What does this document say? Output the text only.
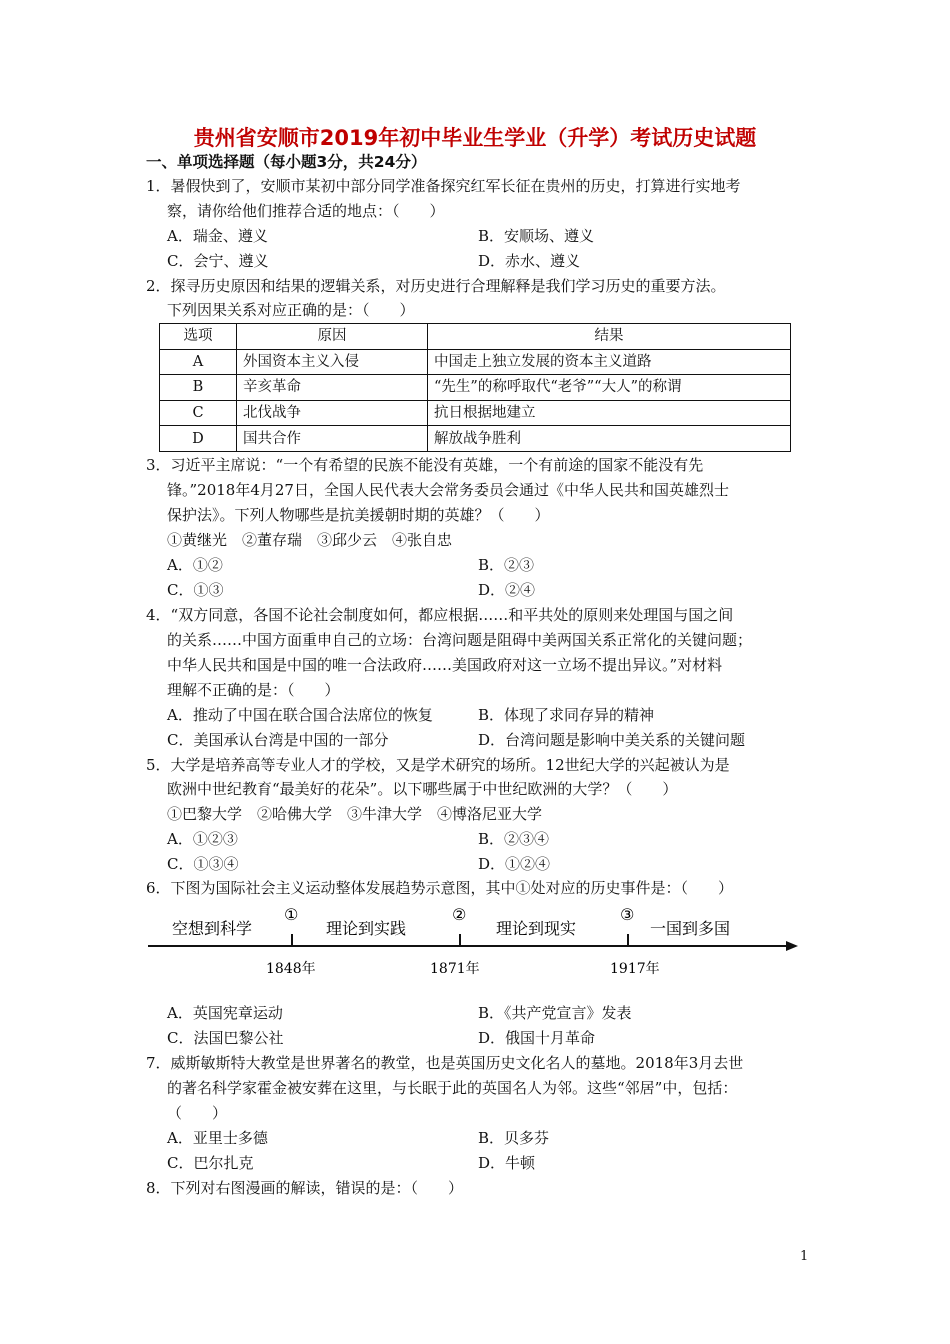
贵州省安顺市2019年初中毕业生学业（升学）考试历史试题
一、单项选择题（每小题3分，共24分）
1．暑假快到了，安顺市某初中部分同学准备探究红军长征在贵州的历史，打算进行实地考
察，请你给他们推荐合适的地点：（　　）
A．瑞金、遵义	B．安顺场、遵义
C．会宁、遵义	D．赤水、遵义
2．探寻历史原因和结果的逻辑关系，对历史进行合理解释是我们学习历史的重要方法。
下列因果关系对应正确的是：（　　）
选项	原因	结果
A	外国资本主义入侵	中国走上独立发展的资本主义道路
B	辛亥革命	“先生”的称呼取代“老爷”“大人”的称谓
C	北伐战争	抗日根据地建立
D	国共合作	解放战争胜利
3．习近平主席说：“一个有希望的民族不能没有英雄，一个有前途的国家不能没有先
锋。”2018年4月27日，全国人民代表大会常务委员会通过《中华人民共和国英雄烈士
保护法》。下列人物哪些是抗美援朝时期的英雄？（　　）
①黄继光　②董存瑞　③邱少云　④张自忠
A．①②	B．②③
C．①③	D．②④
4．“双方同意，各国不论社会制度如何，都应根据……和平共处的原则来处理国与国之间
的关系……中国方面重申自己的立场：台湾问题是阻碍中美两国关系正常化的关键问题；
中华人民共和国是中国的唯一合法政府……美国政府对这一立场不提出异议。”对材料
理解不正确的是：（　　）
A．推动了中国在联合国合法席位的恢复	B．体现了求同存异的精神
C．美国承认台湾是中国的一部分	D．台湾问题是影响中美关系的关键问题
5．大学是培养高等专业人才的学校，又是学术研究的场所。12世纪大学的兴起被认为是
欧洲中世纪教育“最美好的花朵”。以下哪些属于中世纪欧洲的大学？（　　）
①巴黎大学　②哈佛大学　③牛津大学　④博洛尼亚大学
A．①②③	B．②③④
C．①③④	D．①②④
6．下图为国际社会主义运动整体发展趋势示意图，其中①处对应的历史事件是：（　　）
空想到科学	理论到实践	理论到现实	一国到多国
①	②	③
1848年	1871年	1917年
A．英国宪章运动	B．《共产党宣言》发表
C．法国巴黎公社	D．俄国十月革命
7．威斯敏斯特大教堂是世界著名的教堂，也是英国历史文化名人的墓地。2018年3月去世
的著名科学家霍金被安葬在这里，与长眠于此的英国名人为邻。这些“邻居”中，包括：
（　　）
A．亚里士多德	B．贝多芬
C．巴尔扎克	D．牛顿
8．下列对右图漫画的解读，错误的是：（　　）
1
